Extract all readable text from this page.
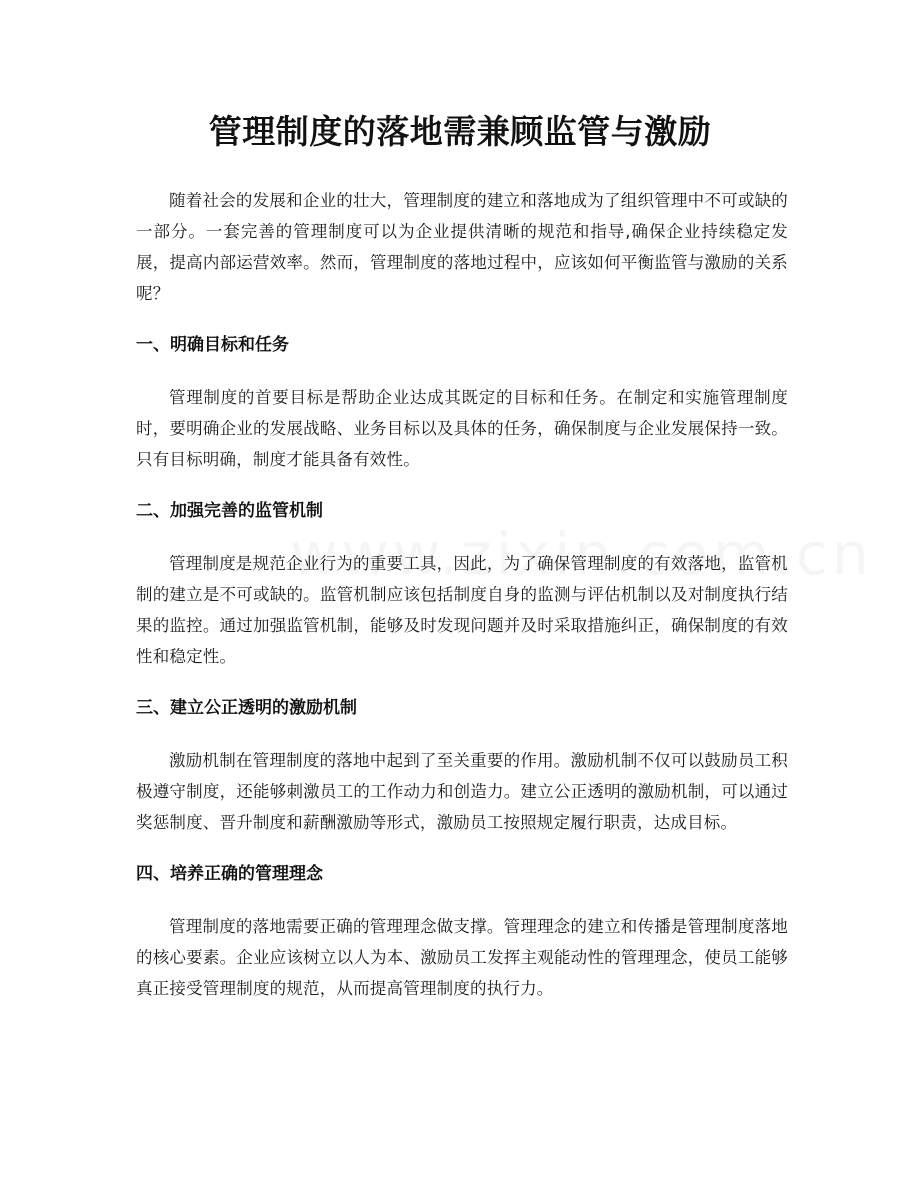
管理制度的落地需兼顾监管与激励

随着社会的发展和企业的壮大，管理制度的建立和落地成为了组织管理中不可或缺的一部分。一套完善的管理制度可以为企业提供清晰的规范和指导,确保企业持续稳定发展，提高内部运营效率。然而，管理制度的落地过程中，应该如何平衡监管与激励的关系呢？

一、明确目标和任务

管理制度的首要目标是帮助企业达成其既定的目标和任务。在制定和实施管理制度时，要明确企业的发展战略、业务目标以及具体的任务，确保制度与企业发展保持一致。只有目标明确，制度才能具备有效性。

二、加强完善的监管机制

管理制度是规范企业行为的重要工具，因此，为了确保管理制度的有效落地，监管机制的建立是不可或缺的。监管机制应该包括制度自身的监测与评估机制以及对制度执行结果的监控。通过加强监管机制，能够及时发现问题并及时采取措施纠正，确保制度的有效性和稳定性。

三、建立公正透明的激励机制

激励机制在管理制度的落地中起到了至关重要的作用。激励机制不仅可以鼓励员工积极遵守制度，还能够刺激员工的工作动力和创造力。建立公正透明的激励机制，可以通过奖惩制度、晋升制度和薪酬激励等形式，激励员工按照规定履行职责，达成目标。

四、培养正确的管理理念

管理制度的落地需要正确的管理理念做支撑。管理理念的建立和传播是管理制度落地的核心要素。企业应该树立以人为本、激励员工发挥主观能动性的管理理念，使员工能够真正接受管理制度的规范，从而提高管理制度的执行力。
